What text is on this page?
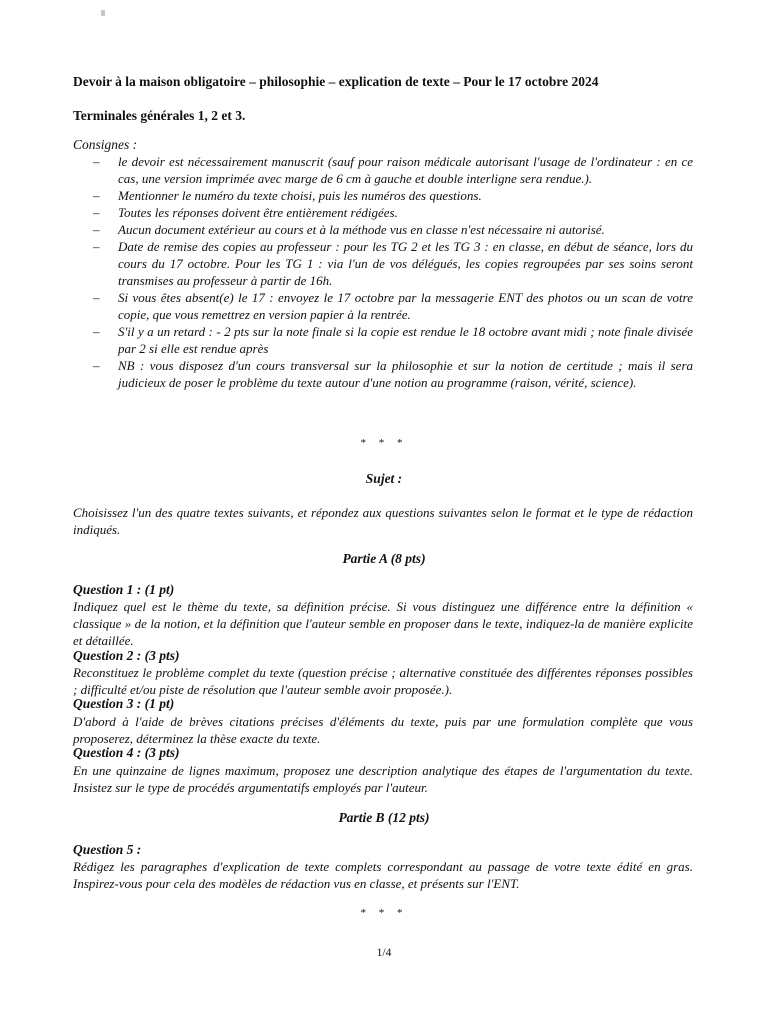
Devoir à la maison obligatoire – philosophie – explication de texte – Pour le 17 octobre 2024
Terminales générales 1, 2 et 3.
Consignes :
– le devoir est nécessairement manuscrit (sauf pour raison médicale autorisant l'usage de l'ordinateur : en ce cas, une version imprimée avec marge de 6 cm à gauche et double interligne sera rendue.).
– Mentionner le numéro du texte choisi, puis les numéros des questions.
– Toutes les réponses doivent être entièrement rédigées.
– Aucun document extérieur au cours et à la méthode vus en classe n'est nécessaire ni autorisé.
– Date de remise des copies au professeur : pour les TG 2 et les TG 3 : en classe, en début de séance, lors du cours du 17 octobre. Pour les TG 1 : via l'un de vos délégués, les copies regroupées par ses soins seront transmises au professeur à partir de 16h.
– Si vous êtes absent(e) le 17 : envoyez le 17 octobre par la messagerie ENT des photos ou un scan de votre copie, que vous remettrez en version papier à la rentrée.
– S'il y a un retard : - 2 pts sur la note finale si la copie est rendue le 18 octobre avant midi ; note finale divisée par 2 si elle est rendue après
– NB : vous disposez d'un cours transversal sur la philosophie et sur la notion de certitude ; mais il sera judicieux de poser le problème du texte autour d'une notion au programme (raison, vérité, science).
* * *
Sujet :
Choisissez l'un des quatre textes suivants, et répondez aux questions suivantes selon le format et le type de rédaction indiqués.
Partie A (8 pts)
Question 1 : (1 pt)
Indiquez quel est le thème du texte, sa définition précise. Si vous distinguez une différence entre la définition « classique » de la notion, et la définition que l'auteur semble en proposer dans le texte, indiquez-la de manière explicite et détaillée.
Question 2 : (3 pts)
Reconstituez le problème complet du texte (question précise ; alternative constituée des différentes réponses possibles ; difficulté et/ou piste de résolution que l'auteur semble avoir proposée.).
Question 3 : (1 pt)
D'abord à l'aide de brèves citations précises d'éléments du texte, puis par une formulation complète que vous proposerez, déterminez la thèse exacte du texte.
Question 4 : (3 pts)
En une quinzaine de lignes maximum, proposez une description analytique des étapes de l'argumentation du texte. Insistez sur le type de procédés argumentatifs employés par l'auteur.
Partie B (12 pts)
Question 5 :
Rédigez les paragraphes d'explication de texte complets correspondant au passage de votre texte édité en gras. Inspirez-vous pour cela des modèles de rédaction vus en classe, et présents sur l'ENT.
* * *
1/4
